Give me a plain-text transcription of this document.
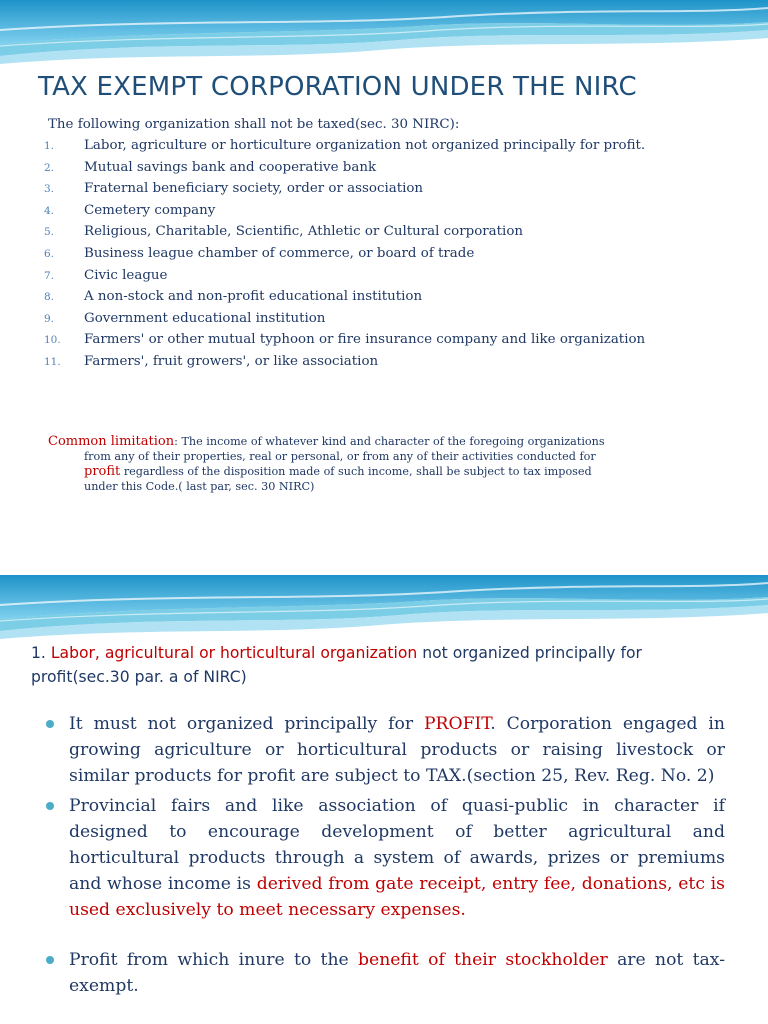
TAX EXEMPT CORPORATION UNDER THE NIRC
The following organization shall not be taxed(sec. 30 NIRC):
1. Labor, agriculture or horticulture organization not organized principally for profit.
2. Mutual savings bank and cooperative bank
3. Fraternal beneficiary society, order or association
4. Cemetery company
5. Religious, Charitable, Scientific, Athletic or Cultural corporation
6. Business league chamber of commerce, or board of trade
7. Civic league
8. A non-stock and non-profit educational institution
9. Government educational institution
10. Farmers' or other mutual typhoon or fire insurance company and like organization
11. Farmers', fruit growers', or like association
Common limitation: The income of whatever kind and character of the foregoing organizations
from any of their properties, real or personal, or from any of their activities conducted for
profit regardless of the disposition made of such income, shall be subject to tax imposed
under this Code.( last par, sec. 30 NIRC)
1. Labor, agricultural or horticultural organization not organized principally for profit(sec.30 par. a of NIRC)
It must not organized principally for PROFIT. Corporation engaged in growing agriculture or horticultural products or raising livestock or similar products for profit are subject to TAX.(section 25, Rev. Reg. No. 2)
Provincial fairs and like association of quasi-public in character if designed to encourage development of better agricultural and horticultural products through a system of awards, prizes or premiums and whose income is derived from gate receipt, entry fee, donations, etc is used exclusively to meet necessary expenses.
Profit from which inure to the benefit of their stockholder are not tax-exempt.
